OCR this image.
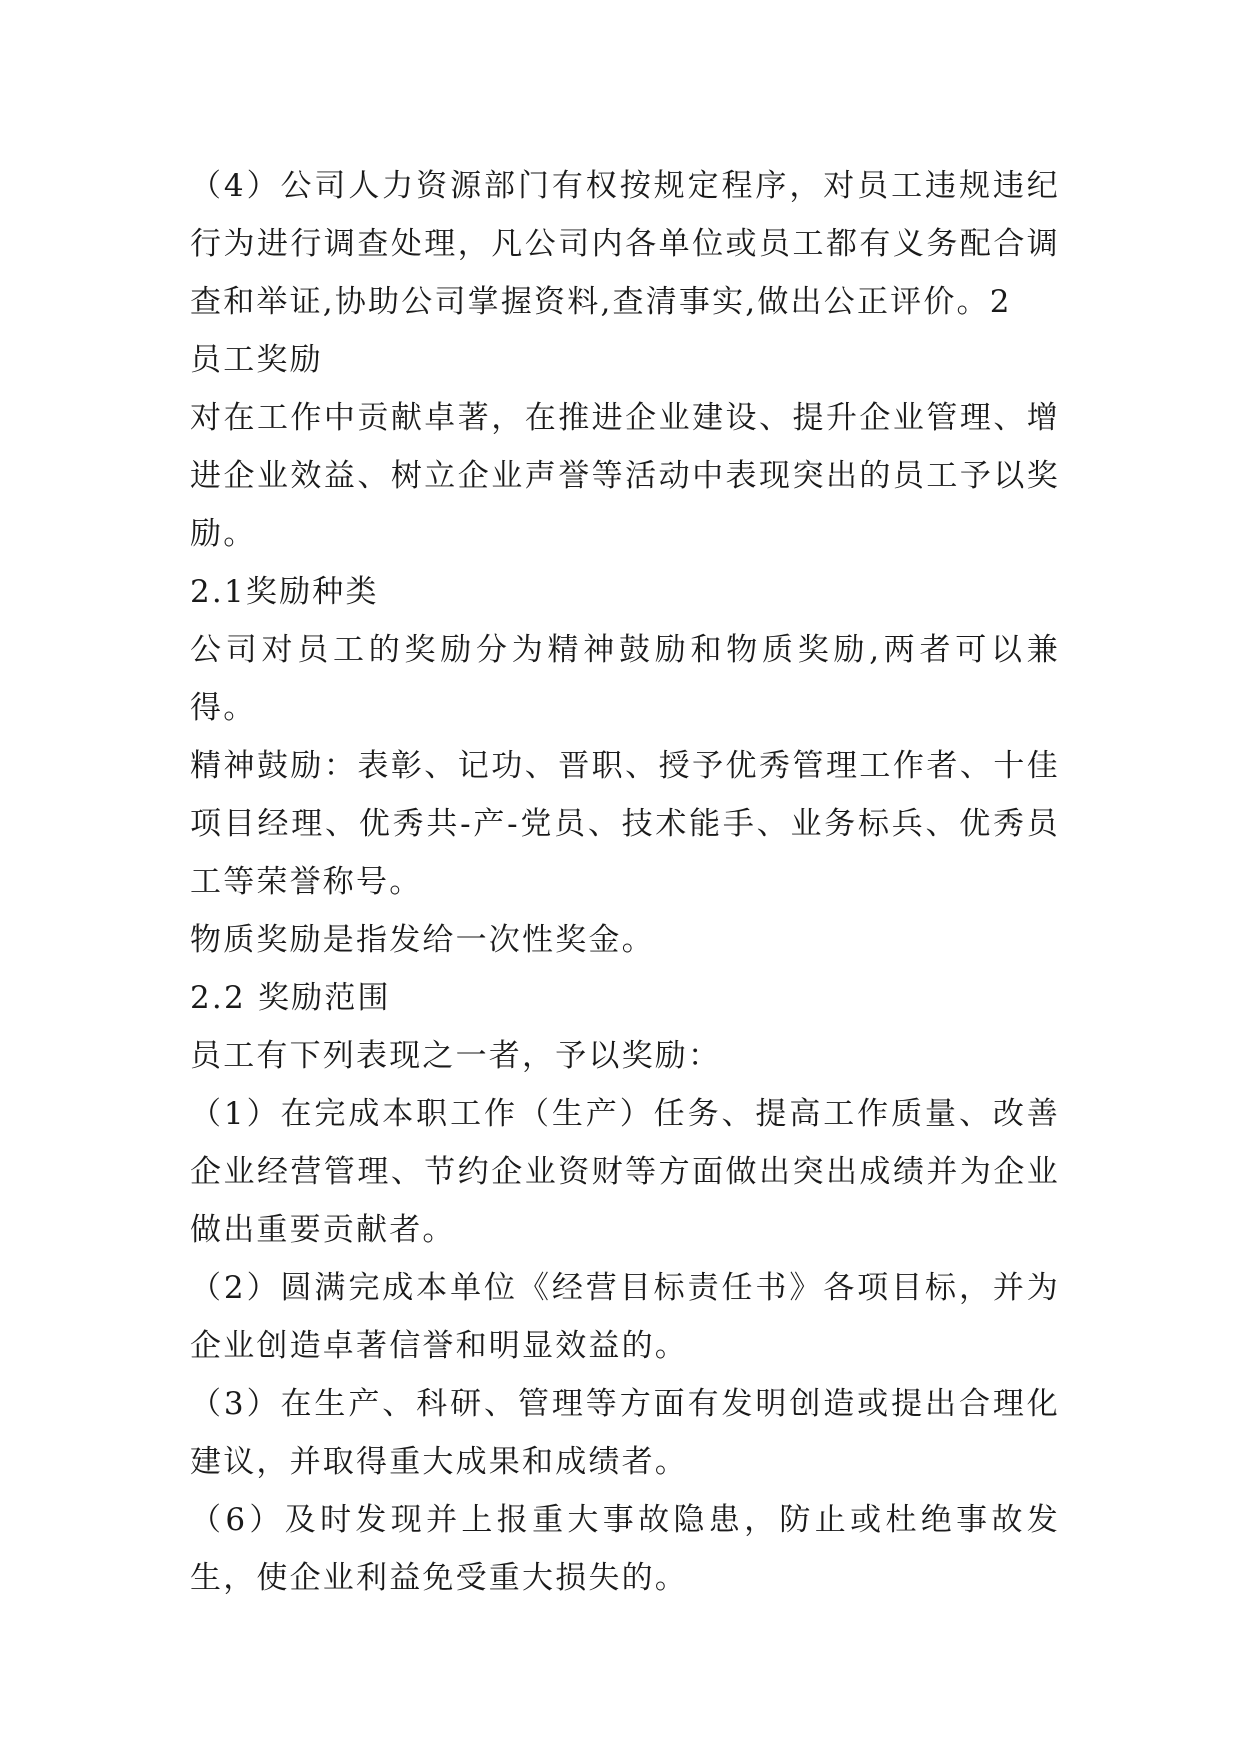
（4）公司人力资源部门有权按规定程序，对员工违规违纪行为进行调查处理，凡公司内各单位或员工都有义务配合调查和举证,协助公司掌握资料,查清事实,做出公正评价。2

员工奖励

对在工作中贡献卓著，在推进企业建设、提升企业管理、增进企业效益、树立企业声誉等活动中表现突出的员工予以奖励。

2.1奖励种类

公司对员工的奖励分为精神鼓励和物质奖励,两者可以兼得。

精神鼓励：表彰、记功、晋职、授予优秀管理工作者、十佳项目经理、优秀共-产-党员、技术能手、业务标兵、优秀员工等荣誉称号。

物质奖励是指发给一次性奖金。

2.2 奖励范围

员工有下列表现之一者，予以奖励：

（1）在完成本职工作（生产）任务、提高工作质量、改善企业经营管理、节约企业资财等方面做出突出成绩并为企业做出重要贡献者。

（2）圆满完成本单位《经营目标责任书》各项目标，并为企业创造卓著信誉和明显效益的。

（3）在生产、科研、管理等方面有发明创造或提出合理化建议，并取得重大成果和成绩者。

（6）及时发现并上报重大事故隐患，防止或杜绝事故发生，使企业利益免受重大损失的。
